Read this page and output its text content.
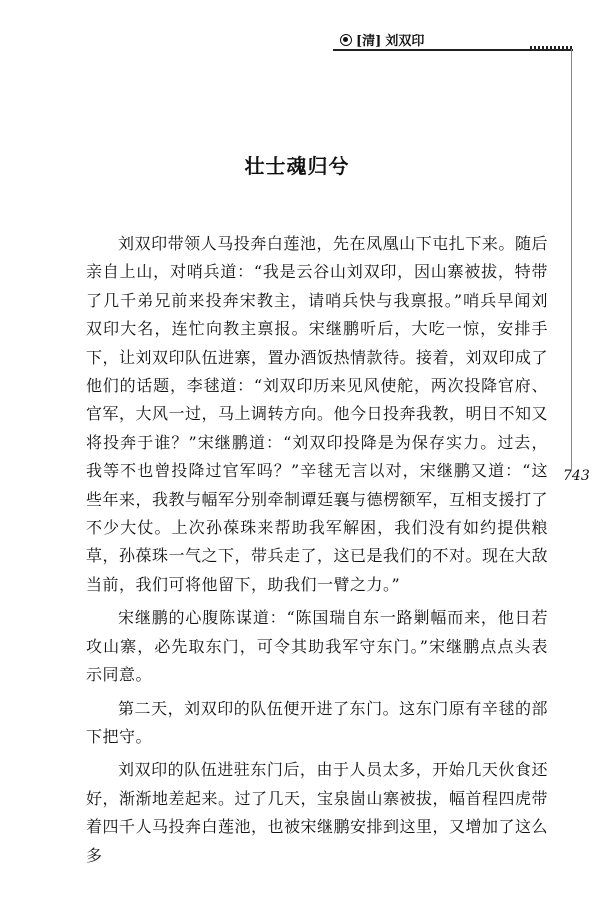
[清] 刘双印
壮士魂归兮

刘双印带领人马投奔白莲池，先在凤凰山下屯扎下来。随后亲自上山，对哨兵道：“我是云谷山刘双印，因山寨被拔，特带了几千弟兄前来投奔宋教主，请哨兵快与我禀报。”哨兵早闻刘双印大名，连忙向教主禀报。宋继鹏听后，大吃一惊，安排手下，让刘双印队伍进寨，置办酒饭热情款待。接着，刘双印成了他们的话题，李毬道：“刘双印历来见风使舵，两次投降官府、官军，大风一过，马上调转方向。他今日投奔我教，明日不知又将投奔于谁？”宋继鹏道：“刘双印投降是为保存实力。过去，我等不也曾投降过官军吗？”辛毬无言以对，宋继鹏又道：“这些年来，我教与幅军分别牵制谭廷襄与德楞额军，互相支援打了不少大仗。上次孙葆珠来帮助我军解困，我们没有如约提供粮草，孙葆珠一气之下，带兵走了，这已是我们的不对。现在大敌当前，我们可将他留下，助我们一臂之力。”

宋继鹏的心腹陈谋道：“陈国瑞自东一路剿幅而来，他日若攻山寨，必先取东门，可令其助我军守东门。”宋继鹏点点头表示同意。

第二天，刘双印的队伍便开进了东门。这东门原有辛毬的部下把守。

刘双印的队伍进驻东门后，由于人员太多，开始几天伙食还好，渐渐地差起来。过了几天，宝泉崮山寨被拔，幅首程四虎带着四千人马投奔白莲池，也被宋继鹏安排到这里，又增加了这么多

743
